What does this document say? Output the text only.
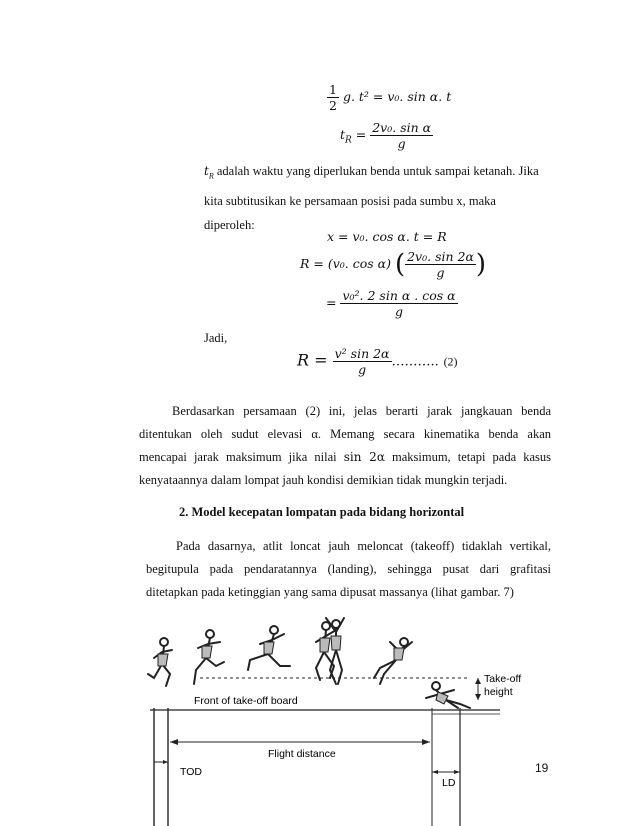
$\frac{1}{2} g$. t² = v₀. sin α. t
$t_R = \frac{\text{2v₀. sin α}}{g}$
$t_R$ adalah waktu yang diperlukan benda untuk sampai ketanah. Jika
kita subtitusikan ke persamaan posisi pada sumbu x, maka
diperoleh:
x = v₀. cos α. t = R
R = (v₀. cos α) ( $\frac{\text{2v₀. sin 2α}}{g}$ )
= $\frac{\text{v₀². 2 sin α . cos α}}{g}$
Jadi,
$R = \frac{\text{v² sin 2α}}{g}$ ……….. (2)
Berdasarkan persamaan (2) ini, jelas berarti jarak jangkauan benda
ditentukan oleh sudut elevasi α. Memang secara kinematika benda akan
mencapai jarak maksimum jika nilai sin 2α maksimum, tetapi pada kasus
kenyataannya dalam lompat jauh kondisi demikian tidak mungkin terjadi.
2. Model kecepatan lompatan pada bidang horizontal
Pada dasarnya, atlit loncat jauh meloncat (takeoff) tidaklah vertikal,
begitupula pada pendaratannya (landing), sehingga pusat dari grafitasi
ditetapkan pada ketinggian yang sama dipusat massanya (lihat gambar. 7)
Front of take-off board
Take-off
height
Flight distance
TOD
LD
19
